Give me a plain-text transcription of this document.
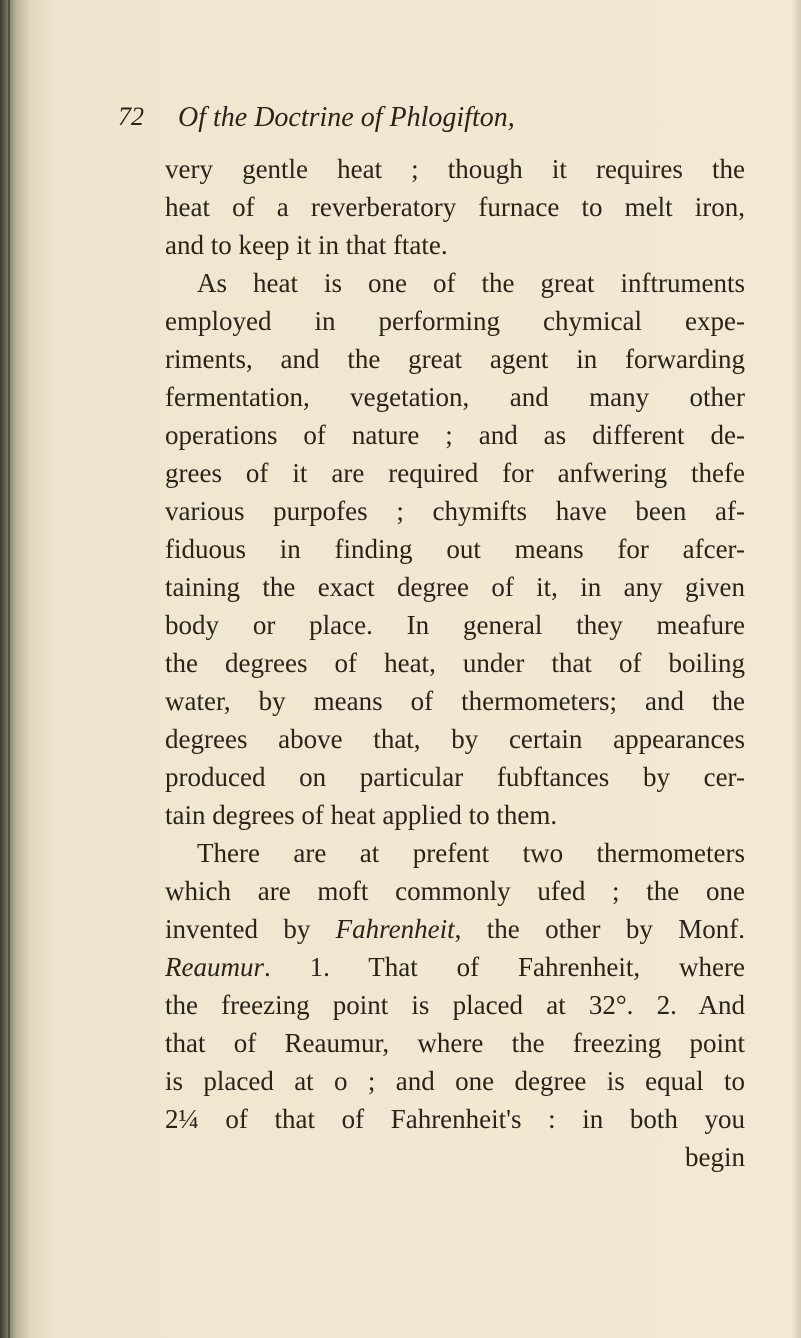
72 Of the Doctrine of Phlogifton,
very gentle heat ; though it requires the
heat of a reverberatory furnace to melt iron,
and to keep it in that ftate.
As heat is one of the great inftruments
employed in performing chymical expe-
riments, and the great agent in forwarding
fermentation, vegetation, and many other
operations of nature ; and as different de-
grees of it are required for anfwering thefe
various purpofes ; chymifts have been af-
fiduous in finding out means for afcer-
taining the exact degree of it, in any given
body or place. In general they meafure
the degrees of heat, under that of boiling
water, by means of thermometers; and the
degrees above that, by certain appearances
produced on particular fubftances by cer-
tain degrees of heat applied to them.
There are at prefent two thermometers
which are moft commonly ufed ; the one
invented by Fahrenheit, the other by Monf.
Reaumur. 1. That of Fahrenheit, where
the freezing point is placed at 32°. 2. And
that of Reaumur, where the freezing point
is placed at o ; and one degree is equal to
2¼ of that of Fahrenheit's : in both you
begin
